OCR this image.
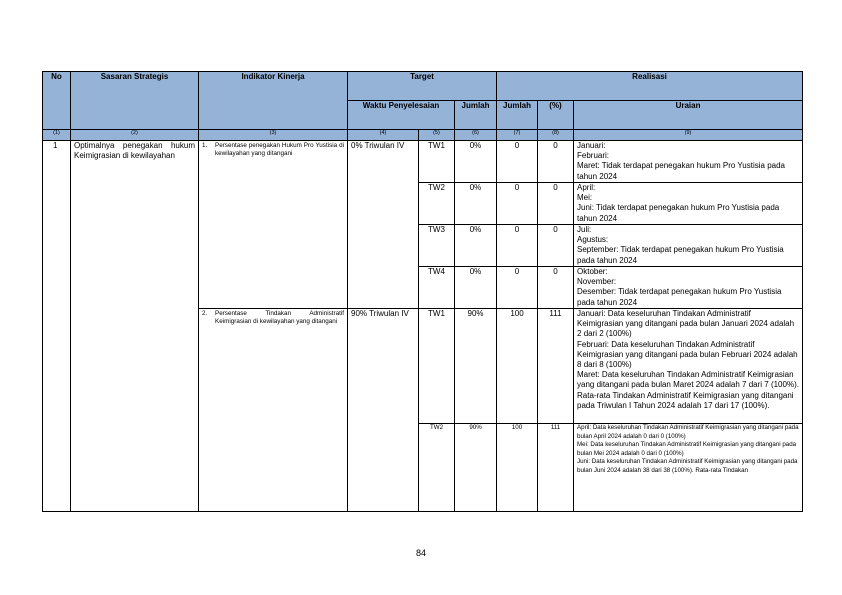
No	Sasaran Strategis	Indikator Kinerja	Target			Realisasi		
			Waktu Penyelesaian		Jumlah	Jumlah	(%)	Uraian
(1)	(2)	(3)	(4)	(5)	(6)	(7)	(8)	(9)
1	Optimalnya penegakan hukum Keimigrasian di kewilayahan	1. Persentase penegakan Hukum Pro Yustisia di kewilayahan yang ditangani	0% Triwulan IV	TW1	0%	0	0	Januari:
Februari:
Maret: Tidak terdapat penegakan hukum Pro Yustisia pada tahun 2024

				TW2	0%	0	0	April:
Mei:
Juni: Tidak terdapat penegakan hukum Pro Yustisia pada tahun 2024

				TW3	0%	0	0	Juli:
Agustus:
September: Tidak terdapat penegakan hukum Pro Yustisia pada tahun 2024

				TW4	0%	0	0	Oktober:
November:
Desember: Tidak terdapat penegakan hukum Pro Yustisia pada tahun 2024

		2. Persentase Tindakan Administratif Keimigrasian di kewilayahan yang ditangani	90% Triwulan IV	TW1	90%	100	111	Januari: Data keseluruhan Tindakan Administratif Keimigrasian yang ditangani pada bulan Januari 2024 adalah 2 dari 2 (100%)
Februari: Data keseluruhan Tindakan Administratif Keimigrasian yang ditangani pada bulan Februari 2024 adalah 8 dari 8 (100%)
Maret: Data keseluruhan Tindakan Administratif Keimigrasian yang ditangani pada bulan Maret 2024 adalah 7 dari 7 (100%). Rata-rata Tindakan Administratif Keimigrasian yang ditangani pada Triwulan I Tahun 2024 adalah 17 dari 17 (100%).

				TW2	90%	100	111	April: Data keseluruhan Tindakan Administratif Keimigrasian yang ditangani pada bulan April 2024 adalah 0 dari 0 (100%)
Mei: Data keseluruhan Tindakan Administratif Keimigrasian yang ditangani pada bulan Mei 2024 adalah 0 dari 0 (100%)
Juni: Data keseluruhan Tindakan Administratif Keimigrasian yang ditangani pada bulan Juni 2024 adalah 38 dari 38 (100%). Rata-rata Tindakan
84
